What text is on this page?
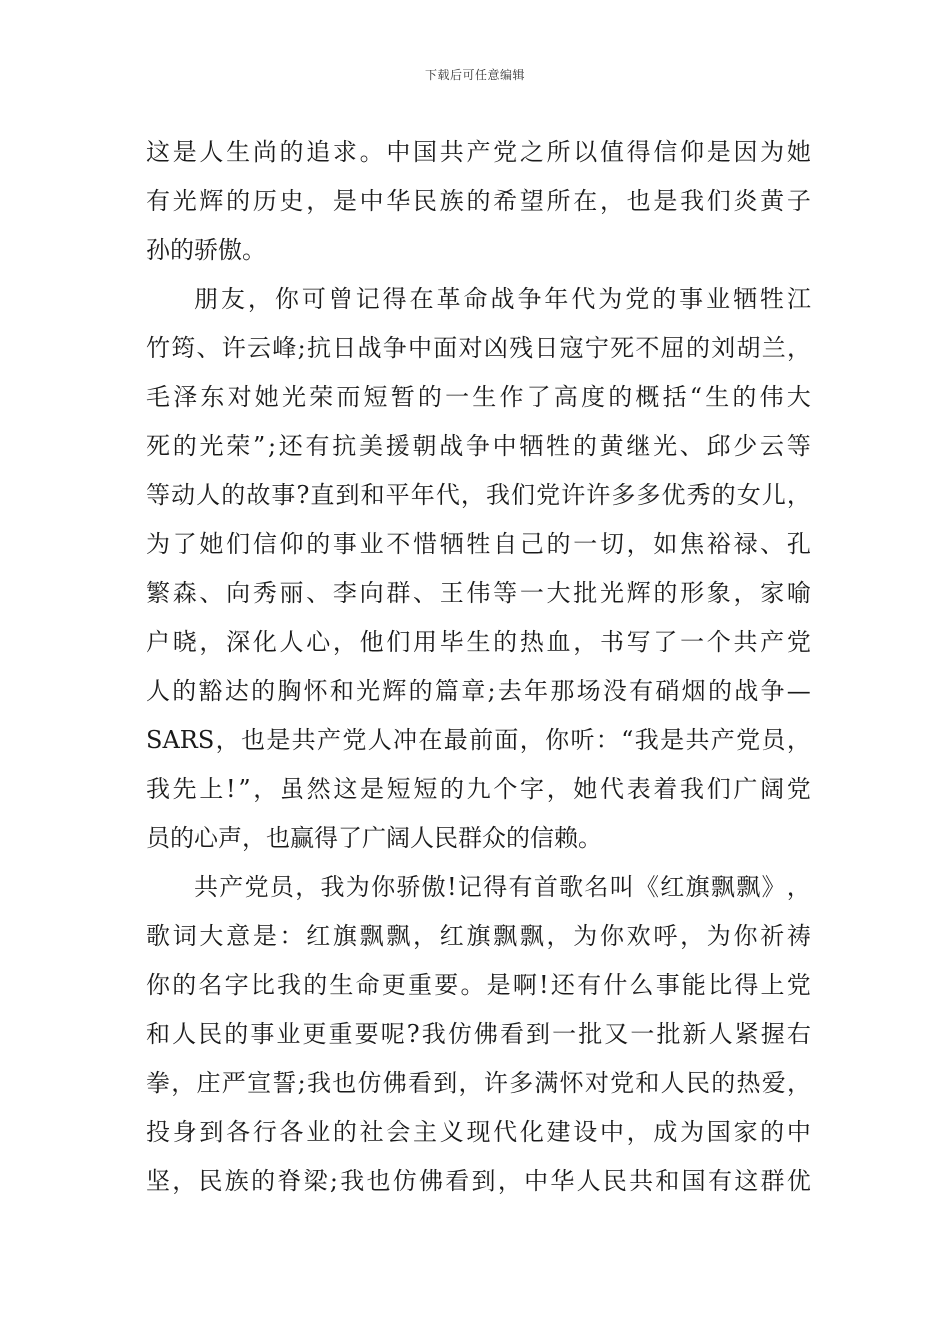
下载后可任意编辑
这 是 人 生 尚 的 追 求 。 中 国 共 产 党 之 所 以 值 得 信 仰 是 因 为 她
有 光 辉 的 历 史 ， 是 中 华 民 族 的 希 望 所 在 ， 也 是 我 们 炎 黄 子
孙的骄傲。
朋 友 ， 你 可 曾 记 得 在 革 命 战 争 年 代 为 党 的 事 业 牺 牲 江
竹 筠 、 许 云 峰 ; 抗 日 战 争 中 面 对 凶 残 日 寇 宁 死 不 屈 的 刘 胡 兰 ，
毛 泽 东 对 她 光 荣 而 短 暂 的 一 生 作 了 高 度 的 概 括 “ 生 的 伟 大
死 的 光 荣 ” ; 还 有 抗 美 援 朝 战 争 中 牺 牲 的 黄 继 光 、 邱 少 云 等
等 动 人 的 故 事 ? 直 到 和 平 年 代 ， 我 们 党 许 许 多 多 优 秀 的 女 儿 ，
为 了 她 们 信 仰 的 事 业 不 惜 牺 牲 自 己 的 一 切 ， 如 焦 裕 禄 、 孔
繁 森 、 向 秀 丽 、 李 向 群 、 王 伟 等 一 大 批 光 辉 的 形 象 ， 家 喻
户 晓 ， 深 化 人 心 ， 他 们 用 毕 生 的 热 血 ， 书 写 了 一 个 共 产 党
人 的 豁 达 的 胸 怀 和 光 辉 的 篇 章 ; 去 年 那 场 没 有 硝 烟 的 战 争 —
SARS ， 也 是 共 产 党 人 冲 在 最 前 面 ， 你 听 ： “ 我 是 共 产 党 员 ，
我 先 上 ! ” ， 虽 然 这 是 短 短 的 九 个 字 ， 她 代 表 着 我 们 广 阔 党
员的心声，也赢得了广阔人民群众的信赖。
共 产 党 员 ， 我 为 你 骄 傲 ! 记 得 有 首 歌 名 叫 《 红 旗 飘 飘 》 ，
歌 词 大 意 是 ： 红 旗 飘 飘 ， 红 旗 飘 飘 ， 为 你 欢 呼 ， 为 你 祈 祷
你 的 名 字 比 我 的 生 命 更 重 要 。 是 啊 ! 还 有 什 么 事 能 比 得 上 党
和 人 民 的 事 业 更 重 要 呢 ? 我 仿 佛 看 到 一 批 又 一 批 新 人 紧 握 右
拳 ， 庄 严 宣 誓 ; 我 也 仿 佛 看 到 ， 许 多 满 怀 对 党 和 人 民 的 热 爱 ，
投 身 到 各 行 各 业 的 社 会 主 义 现 代 化 建 设 中 ， 成 为 国 家 的 中
坚 ， 民 族 的 脊 梁 ; 我 也 仿 佛 看 到 ， 中 华 人 民 共 和 国 有 这 群 优
